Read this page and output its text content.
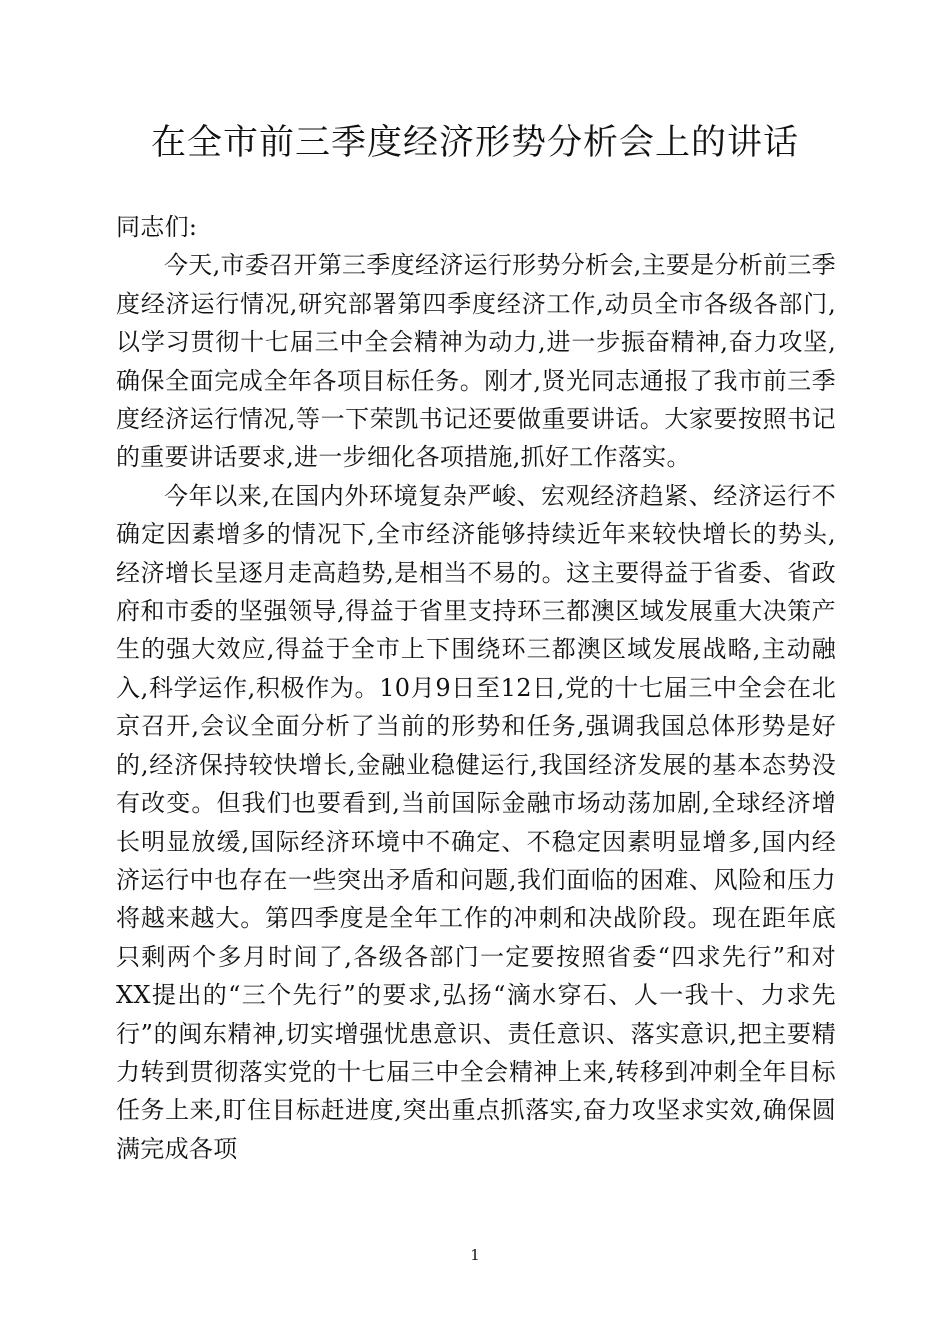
在全市前三季度经济形势分析会上的讲话

同志们:

今天,市委召开第三季度经济运行形势分析会,主要是分析前三季度经济运行情况,研究部署第四季度经济工作,动员全市各级各部门,以学习贯彻十七届三中全会精神为动力,进一步振奋精神,奋力攻坚,确保全面完成全年各项目标任务。刚才,贤光同志通报了我市前三季度经济运行情况,等一下荣凯书记还要做重要讲话。大家要按照书记的重要讲话要求,进一步细化各项措施,抓好工作落实。

今年以来,在国内外环境复杂严峻、宏观经济趋紧、经济运行不确定因素增多的情况下,全市经济能够持续近年来较快增长的势头,经济增长呈逐月走高趋势,是相当不易的。这主要得益于省委、省政府和市委的坚强领导,得益于省里支持环三都澳区域发展重大决策产生的强大效应,得益于全市上下围绕环三都澳区域发展战略,主动融入,科学运作,积极作为。10月9日至12日,党的十七届三中全会在北京召开,会议全面分析了当前的形势和任务,强调我国总体形势是好的,经济保持较快增长,金融业稳健运行,我国经济发展的基本态势没有改变。但我们也要看到,当前国际金融市场动荡加剧,全球经济增长明显放缓,国际经济环境中不确定、不稳定因素明显增多,国内经济运行中也存在一些突出矛盾和问题,我们面临的困难、风险和压力将越来越大。第四季度是全年工作的冲刺和决战阶段。现在距年底只剩两个多月时间了,各级各部门一定要按照省委“四求先行”和对XX提出的“三个先行”的要求,弘扬“滴水穿石、人一我十、力求先行”的闽东精神,切实增强忧患意识、责任意识、落实意识,把主要精力转到贯彻落实党的十七届三中全会精神上来,转移到冲刺全年目标任务上来,盯住目标赶进度,突出重点抓落实,奋力攻坚求实效,确保圆满完成各项

1
